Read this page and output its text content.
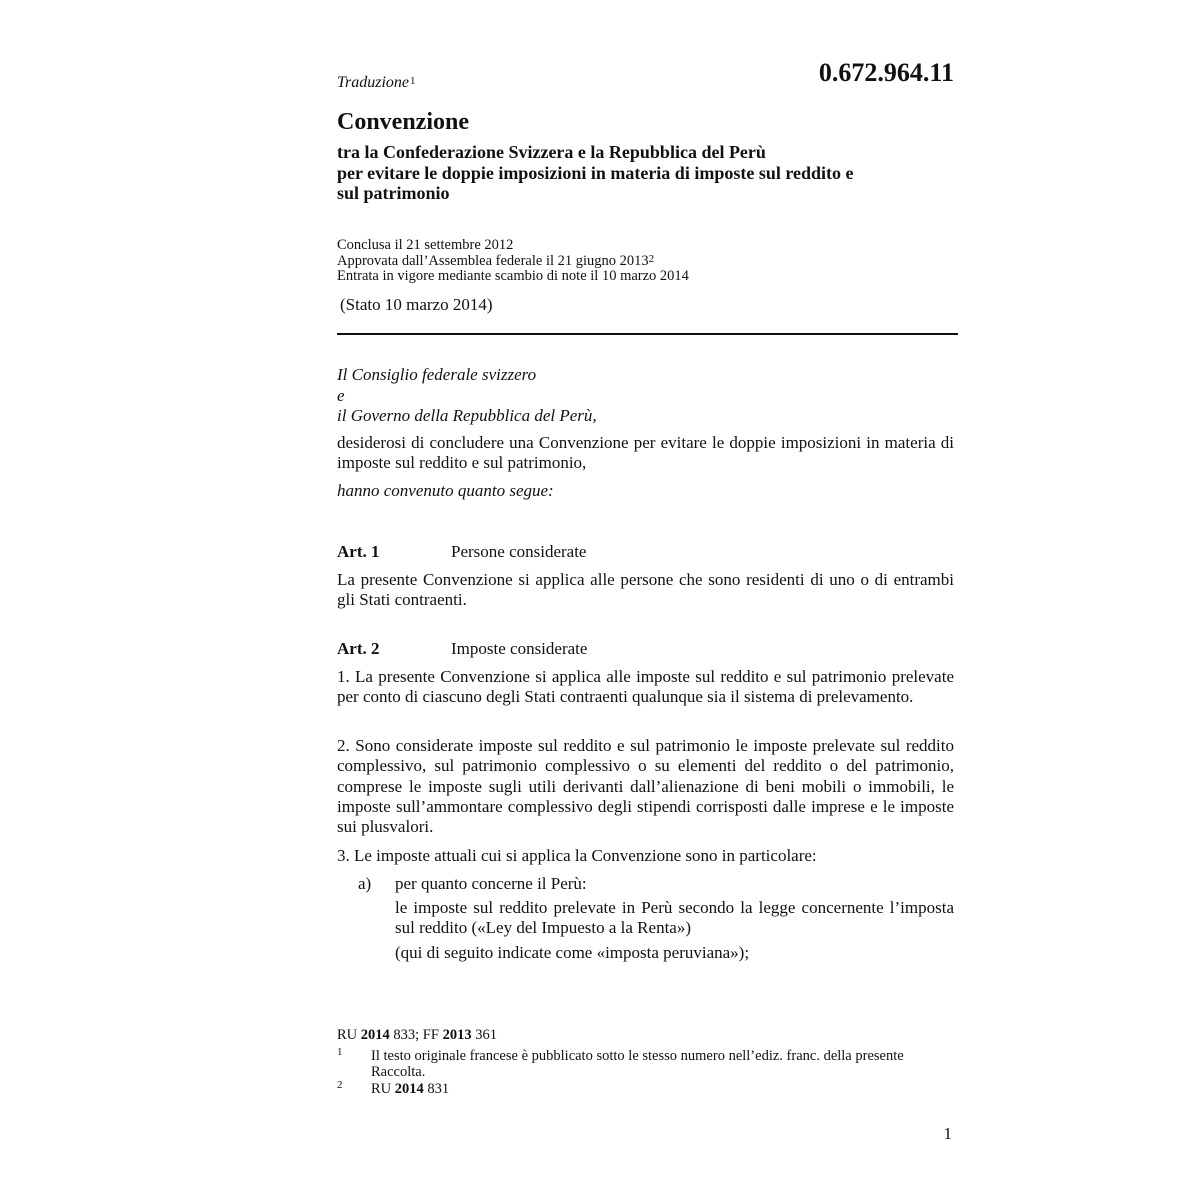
0.672.964.11
Traduzione$^1$
Convenzione
tra la Confederazione Svizzera e la Repubblica del Perù
per evitare le doppie imposizioni in materia di imposte sul reddito e
sul patrimonio
Conclusa il 21 settembre 2012
Approvata dall’Assemblea federale il 21 giugno 2013$^2$
Entrata in vigore mediante scambio di note il 10 marzo 2014
(Stato 10 marzo 2014)
Il Consiglio federale svizzero
e
il Governo della Repubblica del Perù,
desiderosi di concludere una Convenzione per evitare le doppie imposizioni in materia di imposte sul reddito e sul patrimonio,
hanno convenuto quanto segue:
Art. 1	Persone considerate
La presente Convenzione si applica alle persone che sono residenti di uno o di entrambi gli Stati contraenti.
Art. 2	Imposte considerate
1. La presente Convenzione si applica alle imposte sul reddito e sul patrimonio prelevate per conto di ciascuno degli Stati contraenti qualunque sia il sistema di prelevamento.
2. Sono considerate imposte sul reddito e sul patrimonio le imposte prelevate sul reddito complessivo, sul patrimonio complessivo o su elementi del reddito o del patrimonio, comprese le imposte sugli utili derivanti dall’alienazione di beni mobili o immobili, le imposte sull’ammontare complessivo degli stipendi corrisposti dalle imprese e le imposte sui plusvalori.
3. Le imposte attuali cui si applica la Convenzione sono in particolare:
a) per quanto concerne il Perù:
le imposte sul reddito prelevate in Perù secondo la legge concernente l’imposta sul reddito («Ley del Impuesto a la Renta»)
(qui di seguito indicate come «imposta peruviana»);
RU 2014 833; FF 2013 361
1 Il testo originale francese è pubblicato sotto le stesso numero nell’ediz. franc. della presente Raccolta.
2 RU 2014 831
1
